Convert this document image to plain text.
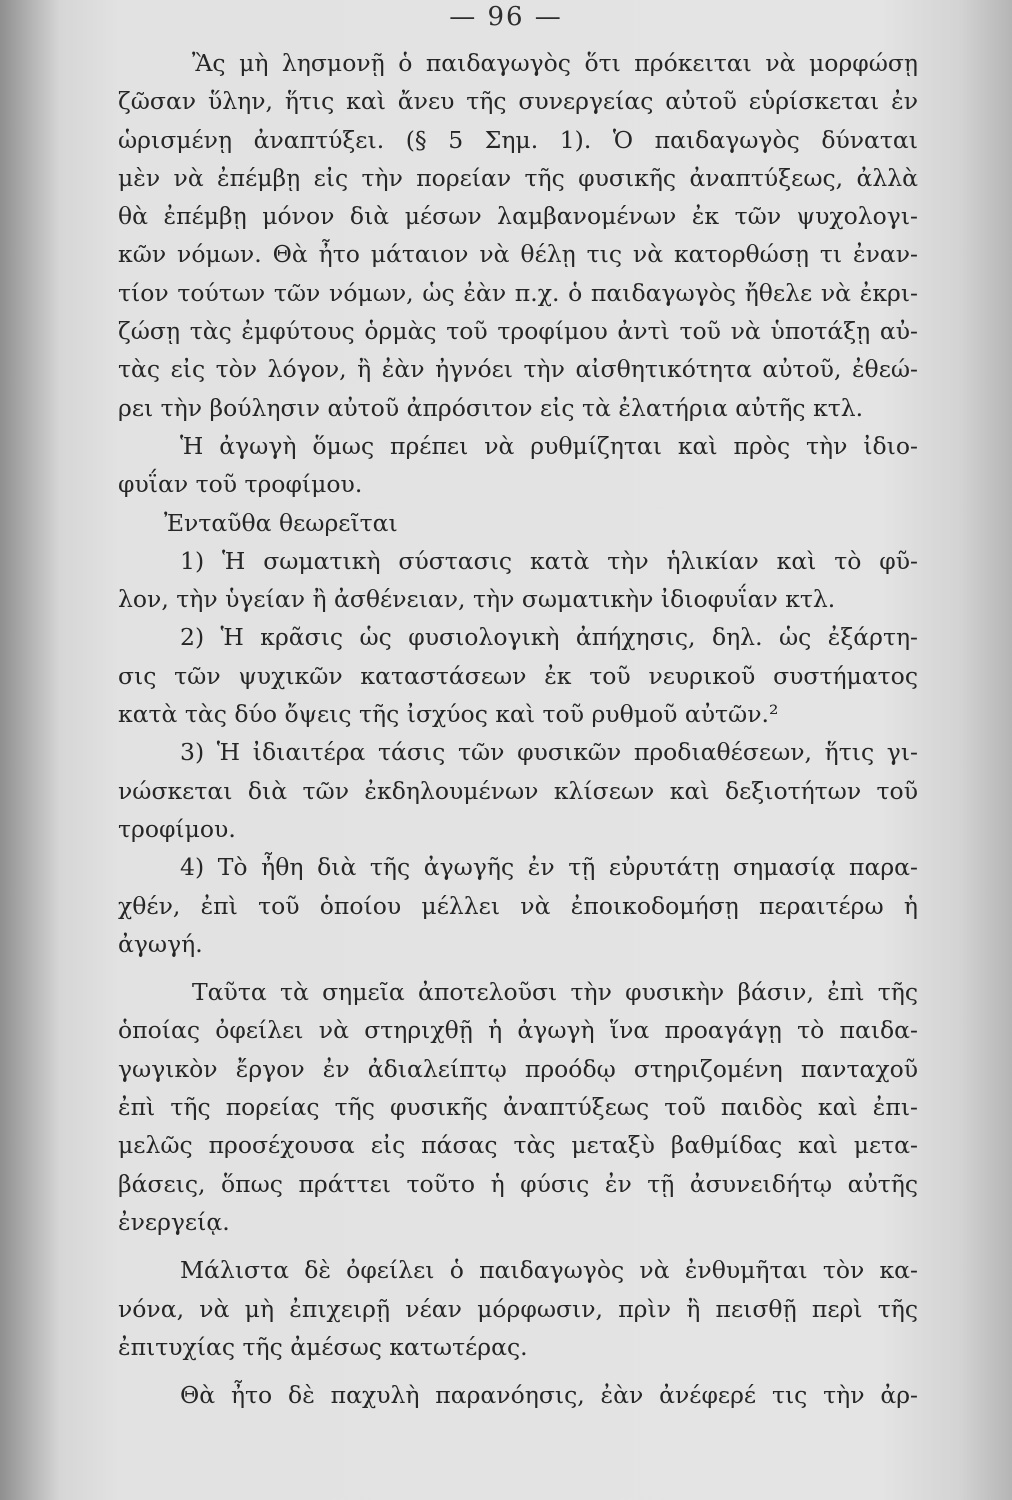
— 96 —
Ἂς μὴ λησμονῇ ὁ παιδαγωγὸς ὅτι πρόκειται νὰ μορφώσῃ
ζῶσαν ὕλην, ἥτις καὶ ἄνευ τῆς συνεργείας αὐτοῦ εὑρίσκεται ἐν
ὡρισμένῃ ἀναπτύξει. (§ 5 Σημ. 1). Ὁ παιδαγωγὸς δύναται
μὲν νὰ ἐπέμβῃ εἰς τὴν πορείαν τῆς φυσικῆς ἀναπτύξεως, ἀλλὰ
θὰ ἐπέμβῃ μόνον διὰ μέσων λαμβανομένων ἐκ τῶν ψυχολογι-
κῶν νόμων. Θὰ ἦτο μάταιον νὰ θέλῃ τις νὰ κατορθώσῃ τι ἐναν-
τίον τούτων τῶν νόμων, ὡς ἐὰν π.χ. ὁ παιδαγωγὸς ἤθελε νὰ ἐκρι-
ζώσῃ τὰς ἐμφύτους ὁρμὰς τοῦ τροφίμου ἀντὶ τοῦ νὰ ὑποτάξῃ αὐ-
τὰς εἰς τὸν λόγον, ἢ ἐὰν ἠγνόει τὴν αἰσθητικότητα αὐτοῦ, ἐθεώ-
ρει τὴν βούλησιν αὐτοῦ ἀπρόσιτον εἰς τὰ ἐλατήρια αὐτῆς κτλ.
Ἡ ἀγωγὴ ὅμως πρέπει νὰ ρυθμίζηται καὶ πρὸς τὴν ἰδιο-
φυΐαν τοῦ τροφίμου.
Ἐνταῦθα θεωρεῖται
1) Ἡ σωματικὴ σύστασις κατὰ τὴν ἡλικίαν καὶ τὸ φῦ-
λον, τὴν ὑγείαν ἢ ἀσθένειαν, τὴν σωματικὴν ἰδιοφυΐαν κτλ.
2) Ἡ κρᾶσις ὡς φυσιολογικὴ ἀπήχησις, δηλ. ὡς ἐξάρτη-
σις τῶν ψυχικῶν καταστάσεων ἐκ τοῦ νευρικοῦ συστήματος
κατὰ τὰς δύο ὄψεις τῆς ἰσχύος καὶ τοῦ ρυθμοῦ αὐτῶν.²
3) Ἡ ἰδιαιτέρα τάσις τῶν φυσικῶν προδιαθέσεων, ἥτις γι-
νώσκεται διὰ τῶν ἐκδηλουμένων κλίσεων καὶ δεξιοτήτων τοῦ
τροφίμου.
4) Τὸ ἦθη διὰ τῆς ἀγωγῆς ἐν τῇ εὐρυτάτῃ σημασίᾳ παρα-
χθέν, ἐπὶ τοῦ ὁποίου μέλλει νὰ ἐποικοδομήσῃ περαιτέρω ἡ
ἀγωγή.
Ταῦτα τὰ σημεῖα ἀποτελοῦσι τὴν φυσικὴν βάσιν, ἐπὶ τῆς
ὁποίας ὀφείλει νὰ στηριχθῇ ἡ ἀγωγὴ ἵνα προαγάγῃ τὸ παιδα-
γωγικὸν ἔργον ἐν ἀδιαλείπτῳ προόδῳ στηριζομένη πανταχοῦ
ἐπὶ τῆς πορείας τῆς φυσικῆς ἀναπτύξεως τοῦ παιδὸς καὶ ἐπι-
μελῶς προσέχουσα εἰς πάσας τὰς μεταξὺ βαθμίδας καὶ μετα-
βάσεις, ὅπως πράττει τοῦτο ἡ φύσις ἐν τῇ ἀσυνειδήτῳ αὐτῆς
ἐνεργείᾳ.
Μάλιστα δὲ ὀφείλει ὁ παιδαγωγὸς νὰ ἐνθυμῆται τὸν κα-
νόνα, νὰ μὴ ἐπιχειρῇ νέαν μόρφωσιν, πρὶν ἢ πεισθῇ περὶ τῆς
ἐπιτυχίας τῆς ἀμέσως κατωτέρας.
Θὰ ἦτο δὲ παχυλὴ παρανόησις, ἐὰν ἀνέφερέ τις τὴν ἀρ-
